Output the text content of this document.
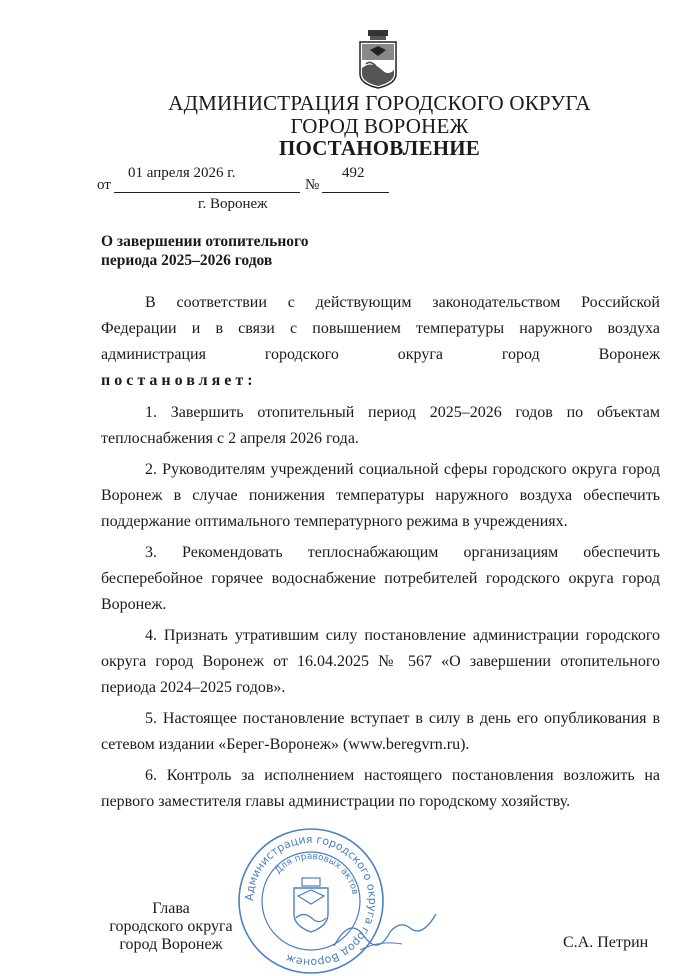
АДМИНИСТРАЦИЯ ГОРОДСКОГО ОКРУГА
ГОРОД ВОРОНЕЖ
ПОСТАНОВЛЕНИЕ
от
01 апреля 2026 г.
№
492
г. Воронеж
О завершении отопительного
периода 2025–2026 годов

В соответствии с действующим законодательством Российской

Федерации и в связи с повышением температуры наружного воздуха

администрация городского округа город Воронеж

постановляет:

1. Завершить отопительный период 2025–2026 годов по объектам теплоснабжения с 2 апреля 2026 года.

2. Руководителям учреждений социальной сферы городского округа город Воронеж в случае понижения температуры наружного воздуха обеспечить поддержание оптимального температурного режима в учреждениях.

3. Рекомендовать теплоснабжающим организациям обеспечить бесперебойное горячее водоснабжение потребителей городского округа город Воронеж.

4. Признать утратившим силу постановление администрации городского округа город Воронеж от 16.04.2025 № 567 «О завершении отопительного периода 2024–2025 годов».

5. Настоящее постановление вступает в силу в день его опубликования в сетевом издании «Берег-Воронеж» (www.beregvrn.ru).

6. Контроль за исполнением настоящего постановления возложить на первого заместителя главы администрации по городскому хозяйству.

Глава
городского округа
город Воронеж	С.А. Петрин
Администрация городского округа город Воронеж
Для правовых актов
